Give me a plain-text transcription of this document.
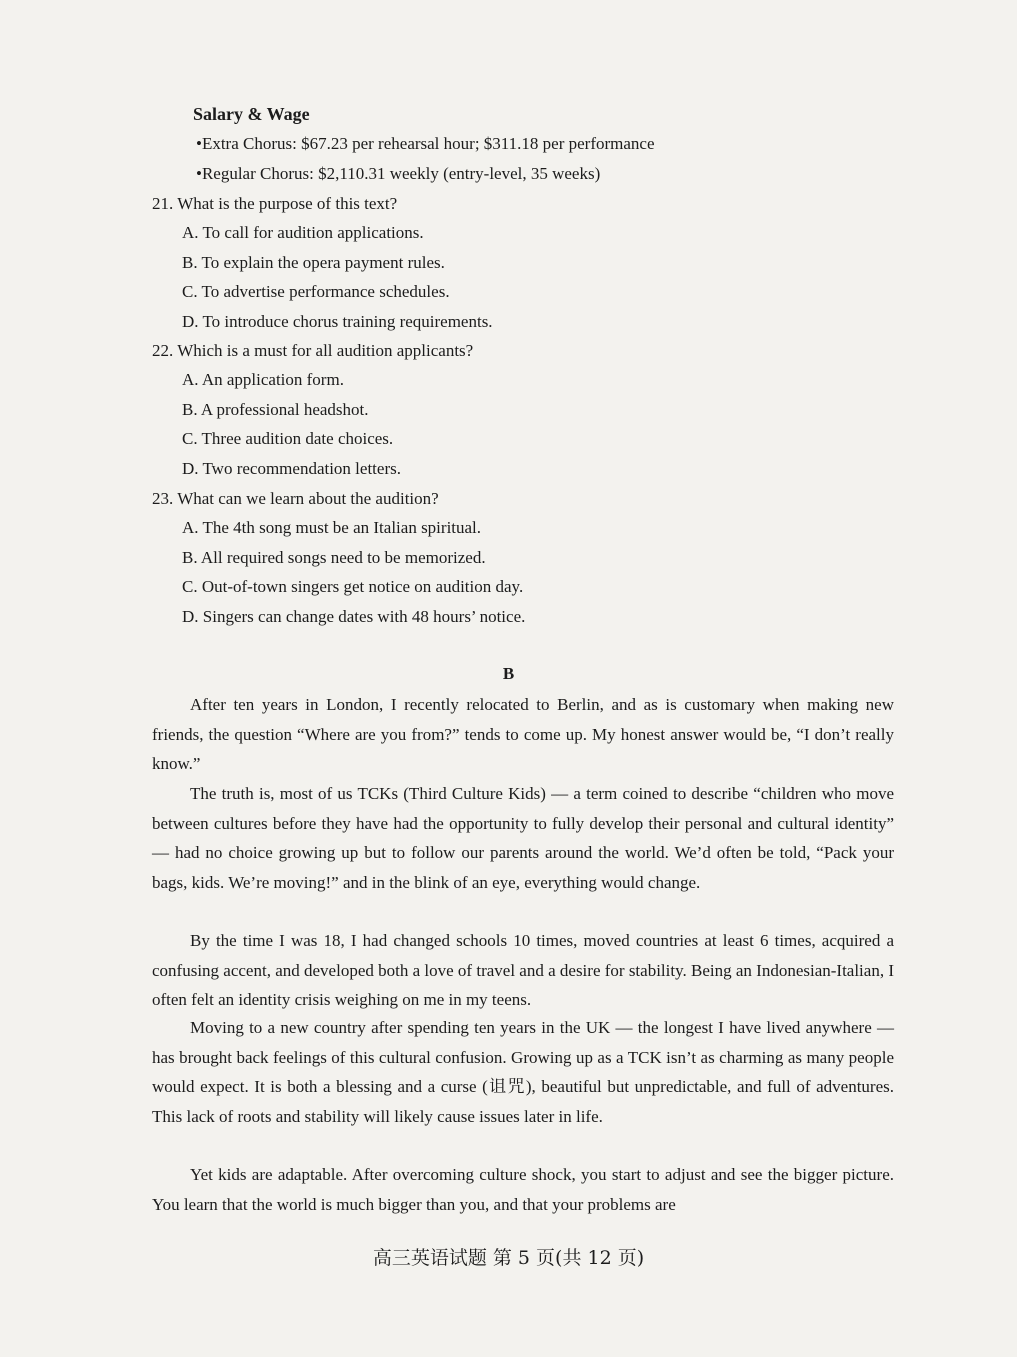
Salary & Wage
•Extra Chorus: $67.23 per rehearsal hour; $311.18 per performance
•Regular Chorus: $2,110.31 weekly (entry-level, 35 weeks)
21. What is the purpose of this text?
A. To call for audition applications.
B. To explain the opera payment rules.
C. To advertise performance schedules.
D. To introduce chorus training requirements.
22. Which is a must for all audition applicants?
A. An application form.
B. A professional headshot.
C. Three audition date choices.
D. Two recommendation letters.
23. What can we learn about the audition?
A. The 4th song must be an Italian spiritual.
B. All required songs need to be memorized.
C. Out-of-town singers get notice on audition day.
D. Singers can change dates with 48 hours’ notice.
B
After ten years in London, I recently relocated to Berlin, and as is customary when making new friends, the question “Where are you from?” tends to come up. My honest answer would be, “I don’t really know.”
The truth is, most of us TCKs (Third Culture Kids) — a term coined to describe “children who move between cultures before they have had the opportunity to fully develop their personal and cultural identity” — had no choice growing up but to follow our parents around the world. We’d often be told, “Pack your bags, kids. We’re moving!” and in the blink of an eye, everything would change.
By the time I was 18, I had changed schools 10 times, moved countries at least 6 times, acquired a confusing accent, and developed both a love of travel and a desire for stability. Being an Indonesian-Italian, I often felt an identity crisis weighing on me in my teens.
Moving to a new country after spending ten years in the UK — the longest I have lived anywhere — has brought back feelings of this cultural confusion. Growing up as a TCK isn’t as charming as many people would expect. It is both a blessing and a curse (诅咒), beautiful but unpredictable, and full of adventures. This lack of roots and stability will likely cause issues later in life.
Yet kids are adaptable. After overcoming culture shock, you start to adjust and see the bigger picture. You learn that the world is much bigger than you, and that your problems are
高三英语试题 第 5 页(共 12 页)
